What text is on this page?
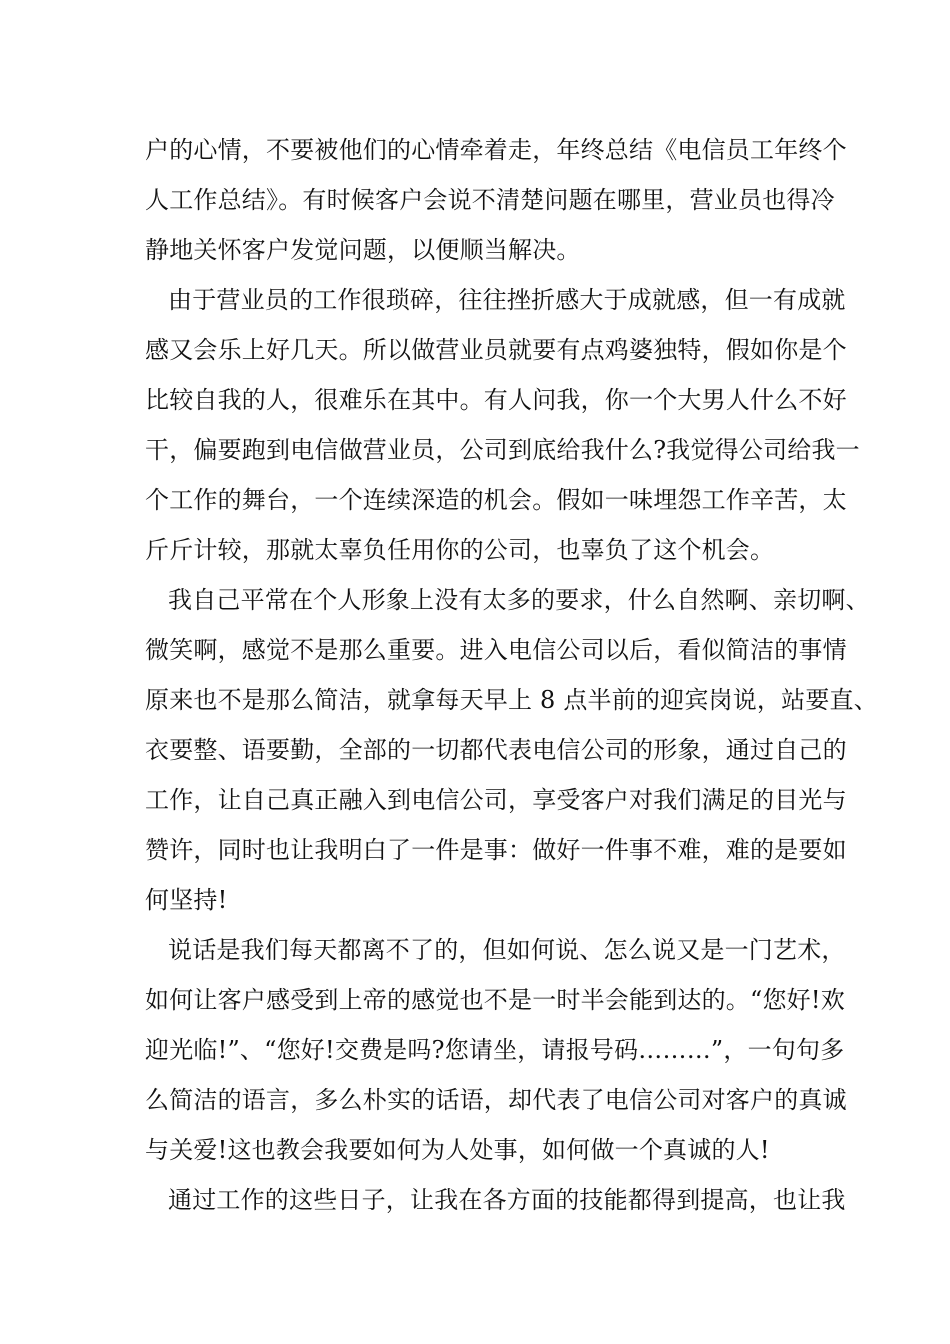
户的心情，不要被他们的心情牵着走，年终总结《电信员工年终个

人工作总结》。有时候客户会说不清楚问题在哪里，营业员也得冷

静地关怀客户发觉问题，以便顺当解决。

由于营业员的工作很琐碎，往往挫折感大于成就感，但一有成就

感又会乐上好几天。所以做营业员就要有点鸡婆独特，假如你是个

比较自我的人，很难乐在其中。有人问我，你一个大男人什么不好

干，偏要跑到电信做营业员，公司到底给我什么?我觉得公司给我一

个工作的舞台，一个连续深造的机会。假如一味埋怨工作辛苦，太

斤斤计较，那就太辜负任用你的公司，也辜负了这个机会。

我自己平常在个人形象上没有太多的要求，什么自然啊、亲切啊、

微笑啊，感觉不是那么重要。进入电信公司以后，看似简洁的事情

原来也不是那么简洁，就拿每天早上 8 点半前的迎宾岗说，站要直、

衣要整、语要勤，全部的一切都代表电信公司的形象，通过自己的

工作，让自己真正融入到电信公司，享受客户对我们满足的目光与

赞许，同时也让我明白了一件是事：做好一件事不难，难的是要如

何坚持!

说话是我们每天都离不了的，但如何说、怎么说又是一门艺术，

如何让客户感受到上帝的感觉也不是一时半会能到达的。“您好!欢

迎光临!”、“您好!交费是吗?您请坐，请报号码………”，一句句多

么简洁的语言，多么朴实的话语，却代表了电信公司对客户的真诚

与关爱!这也教会我要如何为人处事，如何做一个真诚的人!

通过工作的这些日子，让我在各方面的技能都得到提高，也让我
